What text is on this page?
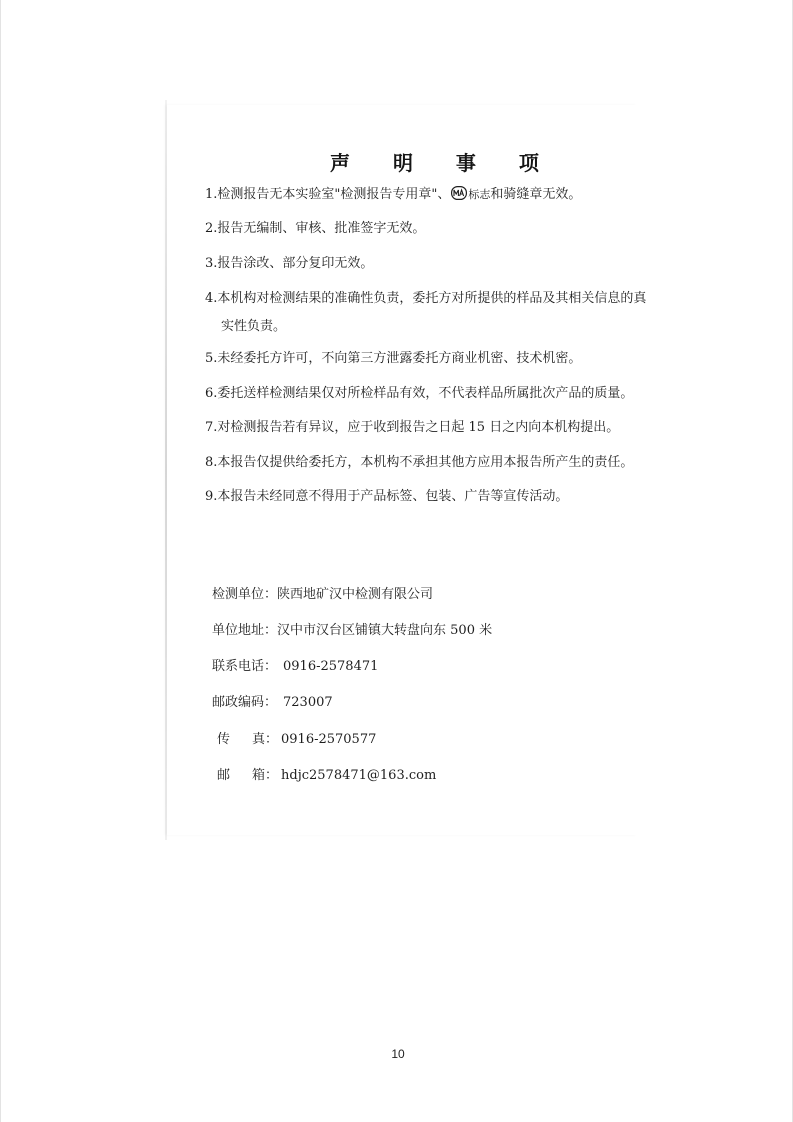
声 明 事 项
1.检测报告无本实验室"检测报告专用章"、 标志和骑缝章无效。
2.报告无编制、审核、批准签字无效。
3.报告涂改、部分复印无效。
4.本机构对检测结果的准确性负责，委托方对所提供的样品及其相关信息的真
实性负责。
5.未经委托方许可，不向第三方泄露委托方商业机密、技术机密。
6.委托送样检测结果仅对所检样品有效，不代表样品所属批次产品的质量。
7.对检测报告若有异议，应于收到报告之日起 15 日之内向本机构提出。
8.本报告仅提供给委托方，本机构不承担其他方应用本报告所产生的责任。
9.本报告未经同意不得用于产品标签、包装、广告等宣传活动。
检测单位：陕西地矿汉中检测有限公司
单位地址：汉中市汉台区铺镇大转盘向东 500 米
联系电话： 0916-2578471
邮政编码： 723007
传 真： 0916-2570577
邮 箱： hdjc2578471@163.com
10
